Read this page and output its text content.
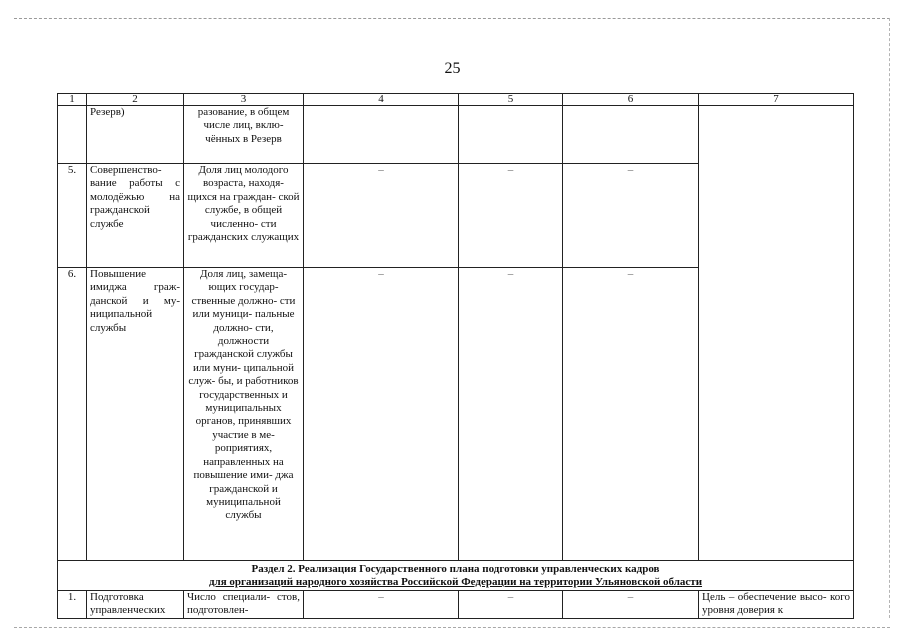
25
1	2	3	4	5	6	7
	Резерв)	разование, в общем числе лиц, вклю- чённых в Резерв				
5.	Совершенство- вание работы с молодёжью на гражданской службе	Доля лиц молодого возраста, находя- щихся на граждан- ской службе, в общей численно- сти гражданских служащих	–	–	–	
6.	Повышение имиджа граж- данской и му- ниципальной службы	Доля лиц, замеща- ющих государ- ственные должно- сти или муници- пальные должно- сти, должности гражданской службы или муни- ципальной служ- бы, и работников государственных и муниципальных органов, принявших участие в ме- роприятиях, направленных на повышение ими- джа гражданской и муниципальной службы	–	–	–	

Раздел 2. Реализация Государственного плана подготовки управленческих кадров
для организаций народного хозяйства Российской Федерации на территории Ульяновской области						

1.	Подготовка управленческих	Число специали- стов, подготовлен-	–	–	–	Цель – обеспечение высо- кого уровня доверия к
